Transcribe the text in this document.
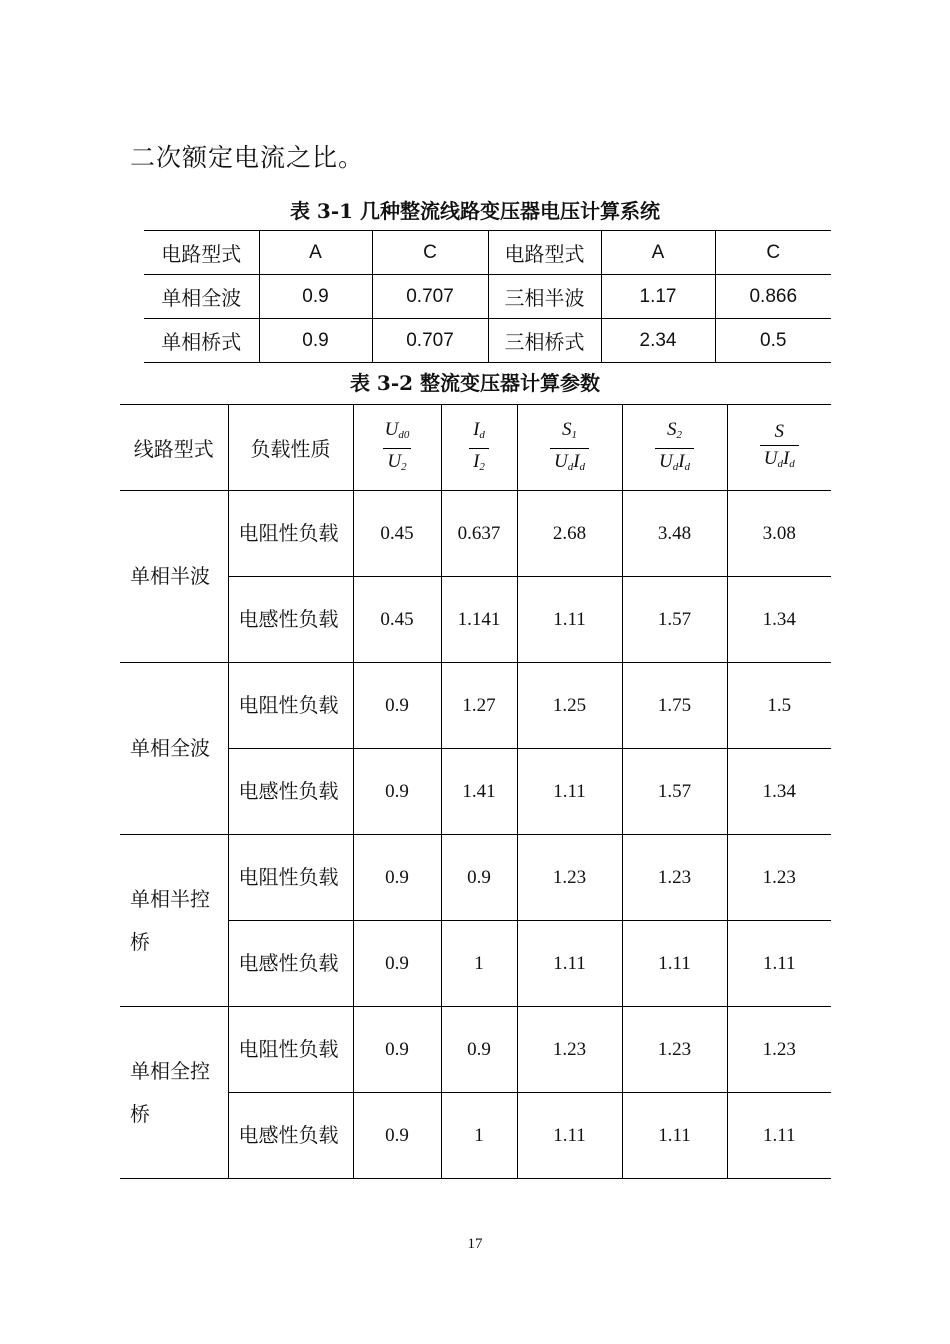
二次额定电流之比。
表 3-1 几种整流线路变压器电压计算系统
电路型式	A	C	电路型式	A	C
单相全波	0.9	0.707	三相半波	1.17	0.866
单相桥式	0.9	0.707	三相桥式	2.34	0.5
表 3-2 整流变压器计算参数
线路型式	负载性质	$\frac{U_{d0}}{U_2}$	$\frac{I_d}{I_2}$	$\frac{S_1}{U_dI_d}$	$\frac{S_2}{U_dI_d}$	$\frac{S}{U_dI_d}$

单相半波	电阻性负载	0.45	0.637	2.68	3.48	3.08
	电感性负载	0.45	1.141	1.11	1.57	1.34
单相全波	电阻性负载	0.9	1.27	1.25	1.75	1.5
	电感性负载	0.9	1.41	1.11	1.57	1.34
单相半控桥	电阻性负载	0.9	0.9	1.23	1.23	1.23
	电感性负载	0.9	1	1.11	1.11	1.11
单相全控桥	电阻性负载	0.9	0.9	1.23	1.23	1.23
	电感性负载	0.9	1	1.11	1.11	1.11
17
